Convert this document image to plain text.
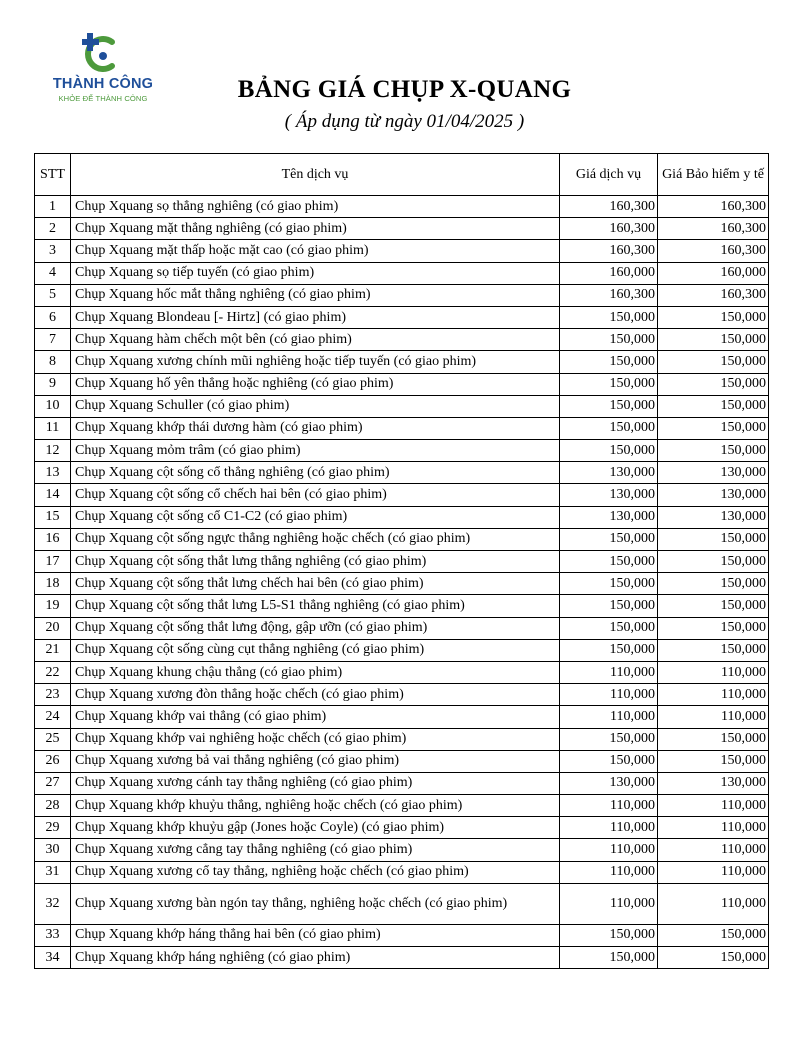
THÀNH CÔNG
KHỎE ĐỂ THÀNH CÔNG	BẢNG GIÁ CHỤP X-QUANG
( Áp dụng từ ngày 01/04/2025 )
STT	Tên dịch vụ	Giá dịch vụ	Giá Bảo hiểm y tế
1	Chụp Xquang sọ thẳng nghiêng (có giao phim)	160,300	160,300
2	Chụp Xquang mặt thẳng nghiêng (có giao phim)	160,300	160,300
3	Chụp Xquang mặt thấp hoặc mặt cao (có giao phim)	160,300	160,300
4	Chụp Xquang sọ tiếp tuyến (có giao phim)	160,000	160,000
5	Chụp Xquang hốc mắt thẳng nghiêng (có giao phim)	160,300	160,300
6	Chụp Xquang Blondeau [- Hirtz] (có giao phim)	150,000	150,000
7	Chụp Xquang hàm chếch một bên (có giao phim)	150,000	150,000
8	Chụp Xquang xương chính mũi nghiêng hoặc tiếp tuyến (có giao phim)	150,000	150,000
9	Chụp Xquang hố yên thẳng hoặc nghiêng (có giao phim)	150,000	150,000
10	Chụp Xquang Schuller (có giao phim)	150,000	150,000
11	Chụp Xquang khớp thái dương hàm (có giao phim)	150,000	150,000
12	Chụp Xquang mỏm trâm (có giao phim)	150,000	150,000
13	Chụp Xquang cột sống cổ thẳng nghiêng (có giao phim)	130,000	130,000
14	Chụp Xquang cột sống cổ chếch hai bên (có giao phim)	130,000	130,000
15	Chụp Xquang cột sống cổ C1-C2 (có giao phim)	130,000	130,000
16	Chụp Xquang cột sống ngực thẳng nghiêng hoặc chếch (có giao phim)	150,000	150,000
17	Chụp Xquang cột sống thắt lưng thẳng nghiêng (có giao phim)	150,000	150,000
18	Chụp Xquang cột sống thắt lưng chếch hai bên (có giao phim)	150,000	150,000
19	Chụp Xquang cột sống thắt lưng L5-S1 thẳng nghiêng (có giao phim)	150,000	150,000
20	Chụp Xquang cột sống thắt lưng động, gập ưỡn (có giao phim)	150,000	150,000
21	Chụp Xquang cột sống cùng cụt thẳng nghiêng (có giao phim)	150,000	150,000
22	Chụp Xquang khung chậu thẳng (có giao phim)	110,000	110,000
23	Chụp Xquang xương đòn thẳng hoặc chếch (có giao phim)	110,000	110,000
24	Chụp Xquang khớp vai thẳng (có giao phim)	110,000	110,000
25	Chụp Xquang khớp vai nghiêng hoặc chếch (có giao phim)	150,000	150,000
26	Chụp Xquang xương bả vai thẳng nghiêng (có giao phim)	150,000	150,000
27	Chụp Xquang xương cánh tay thẳng nghiêng (có giao phim)	130,000	130,000
28	Chụp Xquang khớp khuỷu thẳng, nghiêng hoặc chếch (có giao phim)	110,000	110,000
29	Chụp Xquang khớp khuỷu gập (Jones hoặc Coyle) (có giao phim)	110,000	110,000
30	Chụp Xquang xương cẳng tay thẳng nghiêng (có giao phim)	110,000	110,000
31	Chụp Xquang xương cổ tay thẳng, nghiêng hoặc chếch (có giao phim)	110,000	110,000
32	Chụp Xquang xương bàn ngón tay thẳng, nghiêng hoặc chếch (có giao phim)	110,000	110,000
33	Chụp Xquang khớp háng thẳng hai bên (có giao phim)	150,000	150,000
34	Chụp Xquang khớp háng nghiêng (có giao phim)	150,000	150,000
